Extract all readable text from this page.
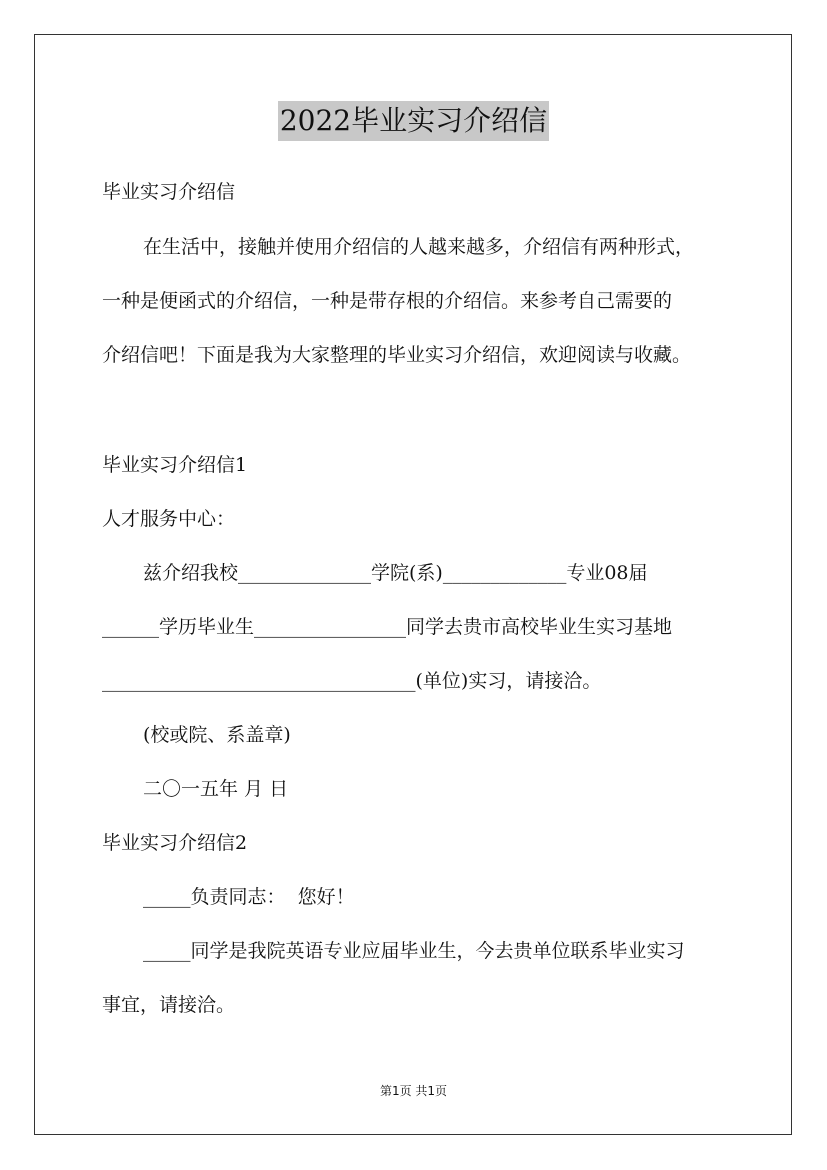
2022毕业实习介绍信
毕业实习介绍信
在生活中，接触并使用介绍信的人越来越多，介绍信有两种形式，
一种是便函式的介绍信，一种是带存根的介绍信。来参考自己需要的
介绍信吧！下面是我为大家整理的毕业实习介绍信，欢迎阅读与收藏。
毕业实习介绍信1
人才服务中心：
兹介绍我校______________学院(系)_____________专业08届
______学历毕业生________________同学去贵市高校毕业生实习基地
_________________________________(单位)实习，请接洽。
(校或院、系盖章)
二〇一五年 月 日
毕业实习介绍信2
_____负责同志：  您好！
_____同学是我院英语专业应届毕业生，今去贵单位联系毕业实习
事宜，请接洽。
第1页 共1页
